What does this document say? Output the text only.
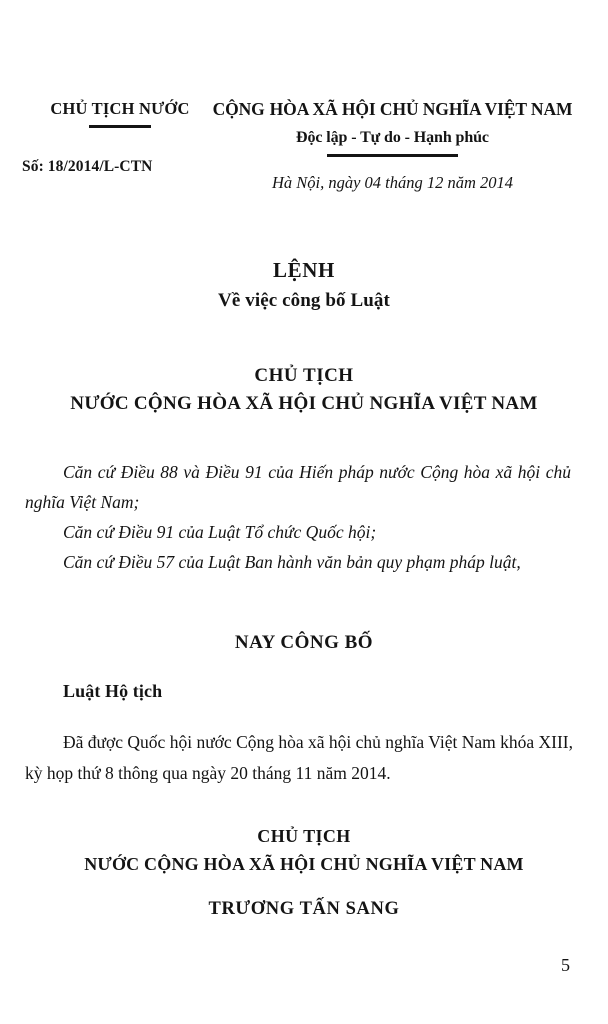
CHỦ TỊCH NƯỚC
Số: 18/2014/L-CTN
CỘNG HÒA XÃ HỘI CHỦ NGHĨA VIỆT NAM
Độc lập - Tự do - Hạnh phúc
Hà Nội, ngày 04 tháng 12 năm 2014
LỆNH
Về việc công bố Luật
CHỦ TỊCH
NƯỚC CỘNG HÒA XÃ HỘI CHỦ NGHĨA VIỆT NAM

Căn cứ Điều 88 và Điều 91 của Hiến pháp nước Cộng hòa xã hội chủ nghĩa Việt Nam;

Căn cứ Điều 91 của Luật Tổ chức Quốc hội;

Căn cứ Điều 57 của Luật Ban hành văn bản quy phạm pháp luật,

NAY CÔNG BỐ
Luật Hộ tịch

Đã được Quốc hội nước Cộng hòa xã hội chủ nghĩa Việt Nam khóa XIII, kỳ họp thứ 8 thông qua ngày 20 tháng 11 năm 2014.

CHỦ TỊCH
NƯỚC CỘNG HÒA XÃ HỘI CHỦ NGHĨA VIỆT NAM
TRƯƠNG TẤN SANG
5
